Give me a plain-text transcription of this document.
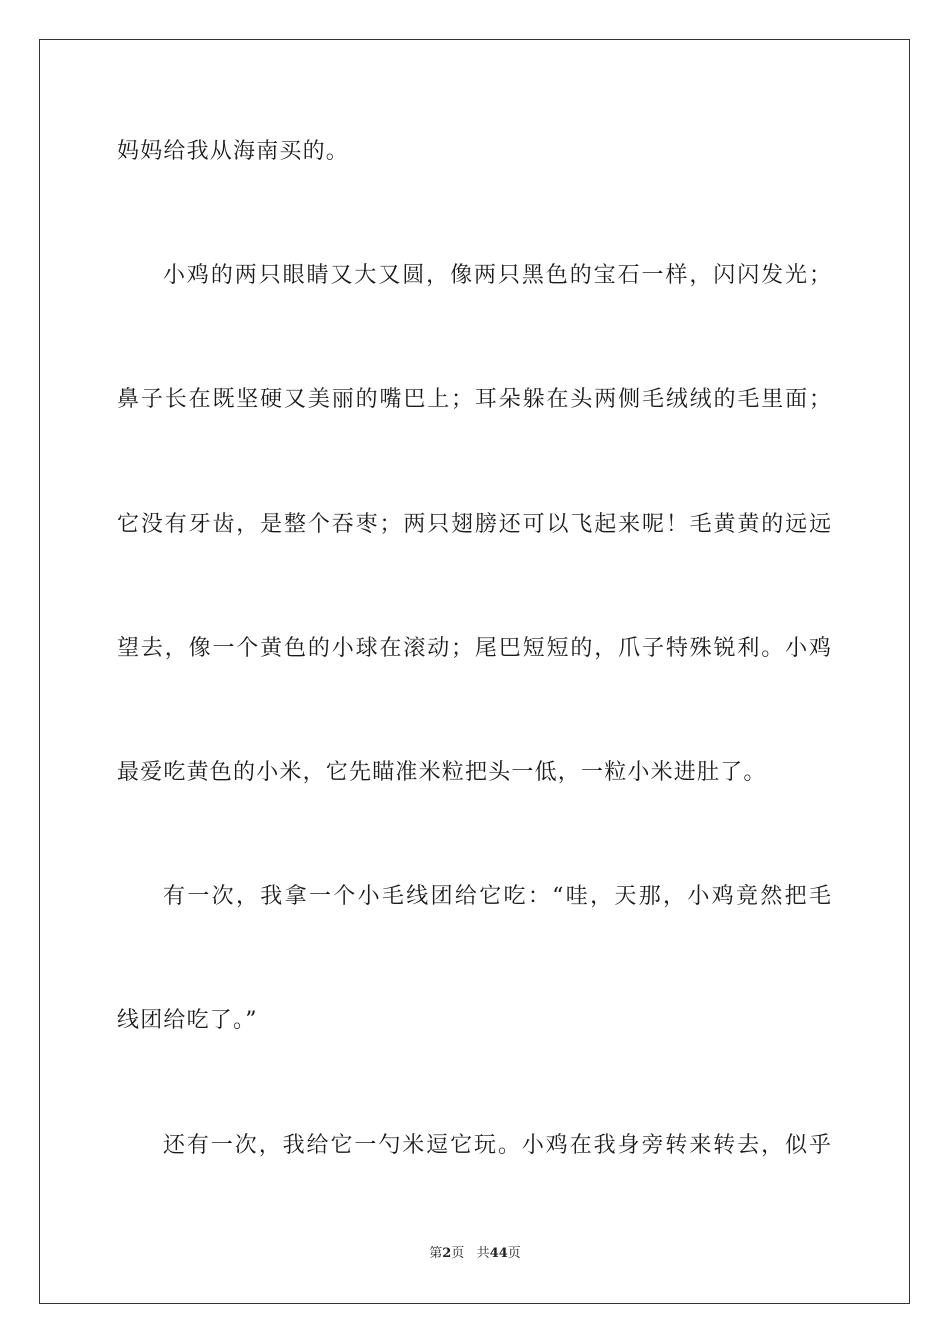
妈妈给我从海南买的。
小鸡的两只眼睛又大又圆，像两只黑色的宝石一样，闪闪发光；
鼻子长在既坚硬又美丽的嘴巴上；耳朵躲在头两侧毛绒绒的毛里面；
它没有牙齿，是整个吞枣；两只翅膀还可以飞起来呢！毛黄黄的远远
望去，像一个黄色的小球在滚动；尾巴短短的，爪子特殊锐利。小鸡
最爱吃黄色的小米，它先瞄准米粒把头一低，一粒小米进肚了。
有一次，我拿一个小毛线团给它吃：“哇，天那，小鸡竟然把毛
线团给吃了。”
还有一次，我给它一勺米逗它玩。小鸡在我身旁转来转去，似乎
第2页 共44页
